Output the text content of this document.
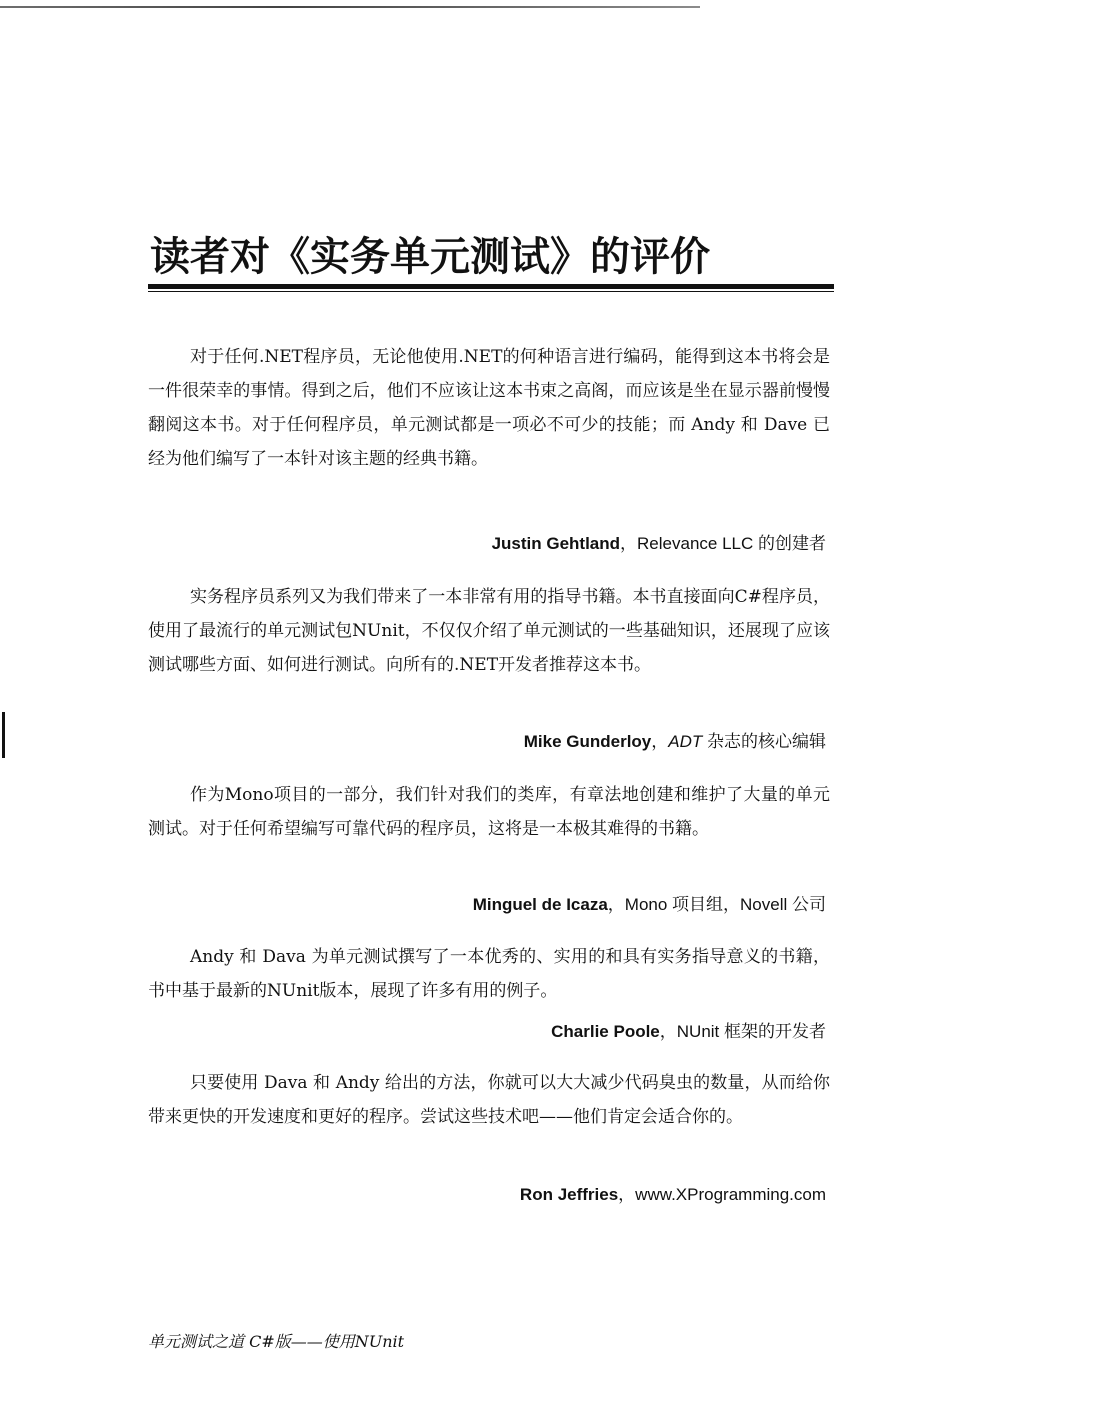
读者对《实务单元测试》的评价

对于任何.NET程序员，无论他使用.NET的何种语言进行编码，能得到这本书将会是一件很荣幸的事情。得到之后，他们不应该让这本书束之高阁，而应该是坐在显示器前慢慢翻阅这本书。对于任何程序员，单元测试都是一项必不可少的技能；而 Andy 和 Dave 已经为他们编写了一本针对该主题的经典书籍。

Justin Gehtland，Relevance LLC 的创建者

实务程序员系列又为我们带来了一本非常有用的指导书籍。本书直接面向C#程序员，使用了最流行的单元测试包NUnit，不仅仅介绍了单元测试的一些基础知识，还展现了应该测试哪些方面、如何进行测试。向所有的.NET开发者推荐这本书。

Mike Gunderloy，ADT 杂志的核心编辑

作为Mono项目的一部分，我们针对我们的类库，有章法地创建和维护了大量的单元测试。对于任何希望编写可靠代码的程序员，这将是一本极其难得的书籍。

Minguel de Icaza，Mono 项目组，Novell 公司

Andy 和 Dava 为单元测试撰写了一本优秀的、实用的和具有实务指导意义的书籍，书中基于最新的NUnit版本，展现了许多有用的例子。

Charlie Poole，NUnit 框架的开发者

只要使用 Dava 和 Andy 给出的方法，你就可以大大减少代码臭虫的数量，从而给你带来更快的开发速度和更好的程序。尝试这些技术吧——他们肯定会适合你的。

Ron Jeffries，www.XProgramming.com

单元测试之道 C#版——使用NUnit
